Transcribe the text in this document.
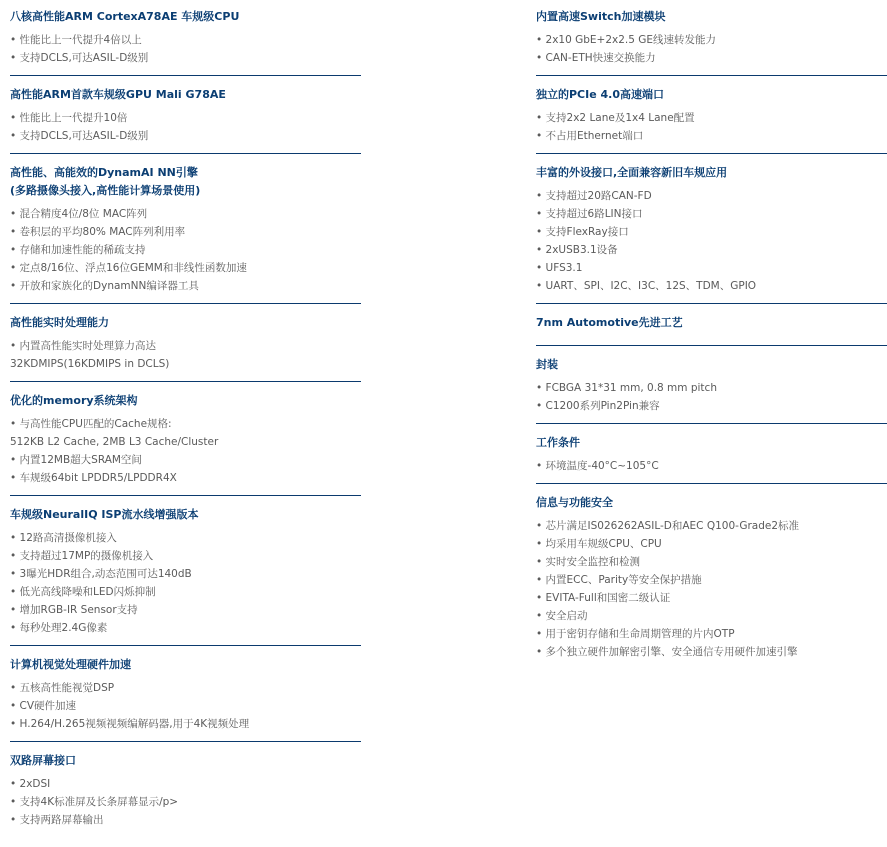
八核高性能ARM CortexA78AE 车规级CPU
• 性能比上一代提升4倍以上
• 支持DCLS,可达ASIL-D级别
高性能ARM首款车规级GPU Mali G78AE
• 性能比上一代提升10倍
• 支持DCLS,可达ASIL-D级别
高性能、高能效的DynamAI NN引擎
(多路摄像头接入,高性能计算场景使用)
• 混合精度4位/8位 MAC阵列
• 卷积层的平均80% MAC阵列利用率
• 存储和加速性能的稀疏支持
• 定点8/16位、浮点16位GEMM和非线性函数加速
• 开放和家族化的DynamNN编译器工具
高性能实时处理能力
• 内置高性能实时处理算力高达
32KDMIPS(16KDMIPS in DCLS)
优化的memory系统架构
• 与高性能CPU匹配的Cache规格:
512KB L2 Cache, 2MB L3 Cache/Cluster
• 内置12MB超大SRAM空间
• 车规级64bit LPDDR5/LPDDR4X
车规级NeuralIQ ISP流水线增强版本
• 12路高清摄像机接入
• 支持超过17MP的摄像机接入
• 3曝光HDR组合,动态范围可达140dB
• 低光高线降噪和LED闪烁抑制
• 增加RGB-IR Sensor支持
• 每秒处理2.4G像素
计算机视觉处理硬件加速
• 五核高性能视觉DSP
• CV硬件加速
• H.264/H.265视频视频编解码器,用于4K视频处理
双路屏幕接口
• 2xDSI
• 支持4K标准屏及长条屏幕显示/p>
• 支持两路屏幕输出
内置高速Switch加速模块
• 2x10 GbE+2x2.5 GE线速转发能力
• CAN-ETH快速交换能力
独立的PCIe 4.0高速端口
• 支持2x2 Lane及1x4 Lane配置
• 不占用Ethernet端口
丰富的外设接口,全面兼容新旧车规应用
• 支持超过20路CAN-FD
• 支持超过6路LIN接口
• 支持FlexRay接口
• 2xUSB3.1设备
• UFS3.1
• UART、SPI、I2C、I3C、12S、TDM、GPIO
7nm Automotive先进工艺
封装
• FCBGA 31*31 mm, 0.8 mm pitch
• C1200系列Pin2Pin兼容
工作条件
• 环境温度-40°C~105°C
信息与功能安全
• 芯片满足IS026262ASIL-D和AEC Q100-Grade2标准
• 均采用车规级CPU、CPU
• 实时安全监控和检测
• 内置ECC、Parity等安全保护措施
• EVITA-Full和国密二级认证
• 安全启动
• 用于密钥存储和生命周期管理的片内OTP
• 多个独立硬件加解密引擎、安全通信专用硬件加速引擎
